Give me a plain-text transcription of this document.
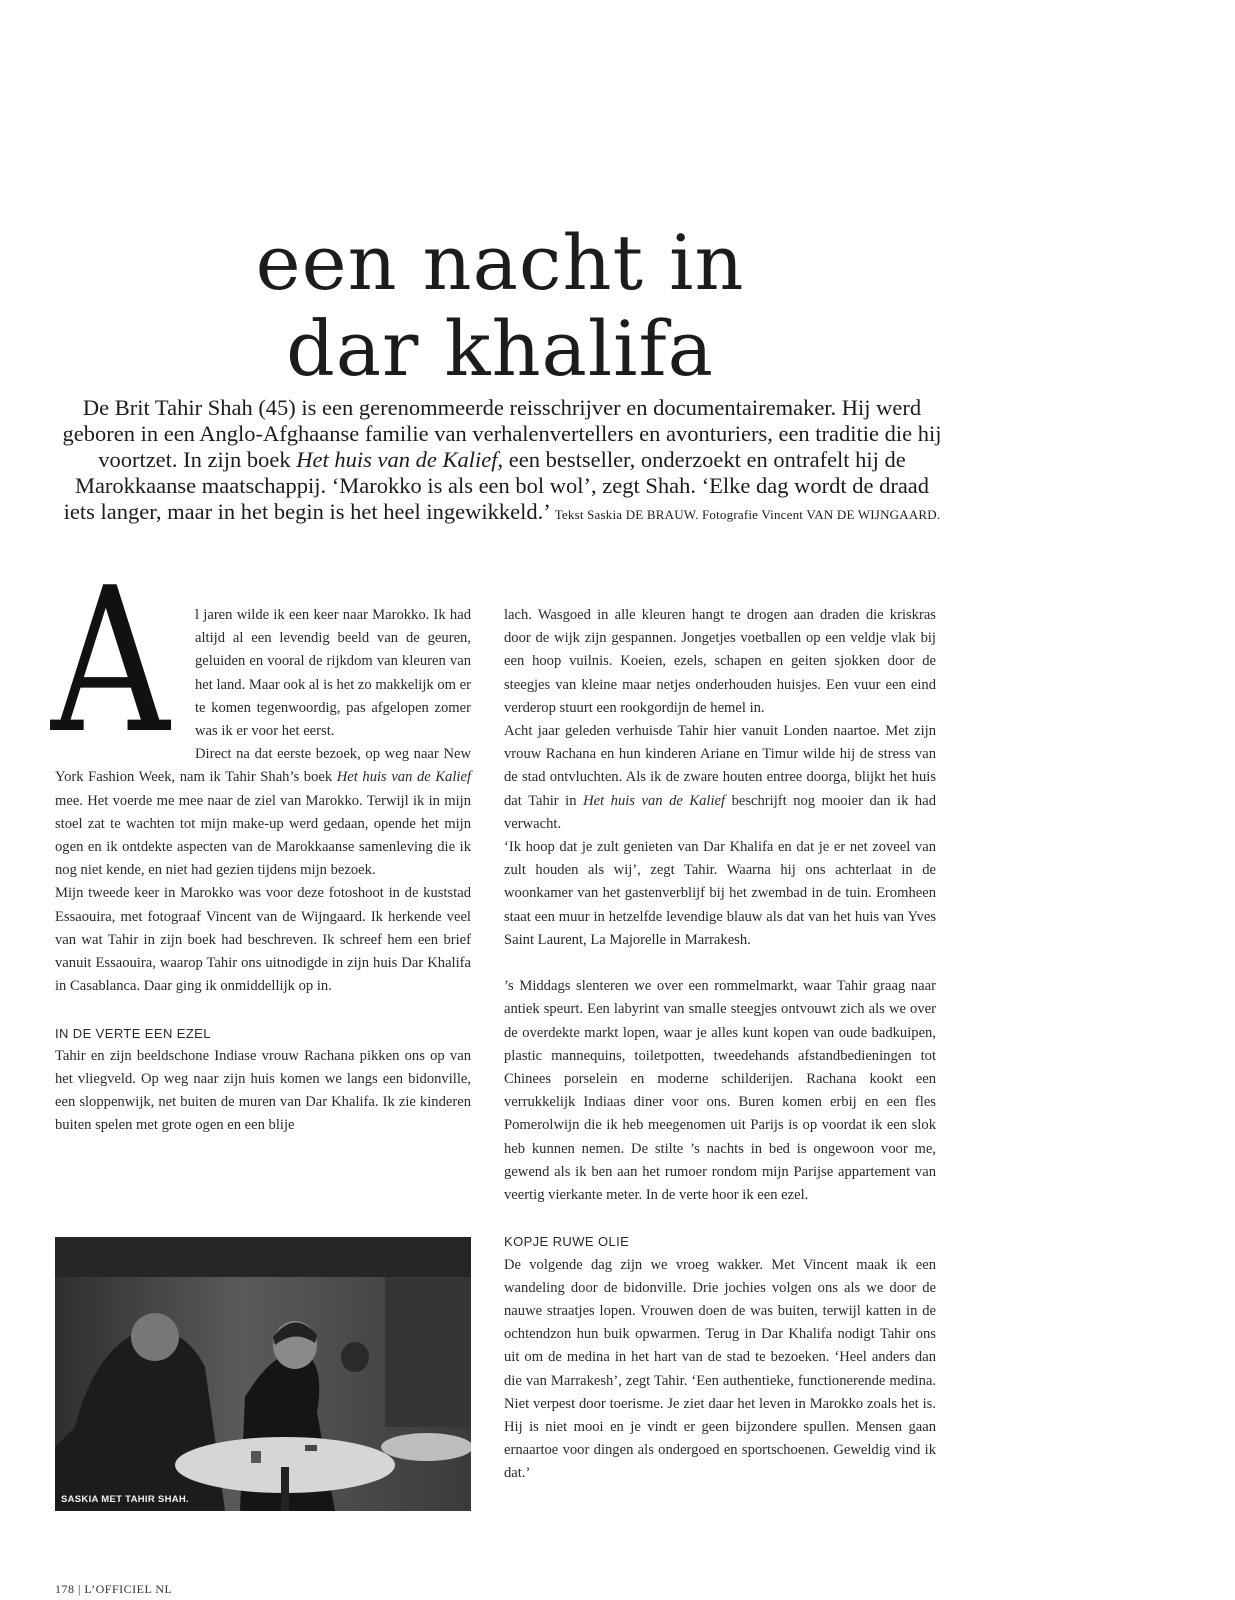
een nacht in
dar khalifa

De Brit Tahir Shah (45) is een gerenommeerde reisschrijver en documentairemaker. Hij werd geboren in een Anglo-Afghaanse familie van verhalenvertellers en avonturiers, een traditie die hij voortzet. In zijn boek Het huis van de Kalief, een bestseller, onderzoekt en ontrafelt hij de Marokkaanse maatschappij. ‘Marokko is als een bol wol’, zegt Shah. ‘Elke dag wordt de draad iets langer, maar in het begin is het heel ingewikkeld.’ Tekst Saskia DE BRAUW. Fotografie Vincent VAN DE WIJNGAARD.

A	l jaren wilde ik een keer naar Marokko. Ik had altijd al een levendig beeld van de geuren, geluiden en vooral de rijkdom van kleuren van het land. Maar ook al is het zo makkelijk om er te komen tegenwoordig, pas afgelopen zomer was ik er voor het eerst.

Direct na dat eerste bezoek, op weg naar New York Fashion Week, nam ik Tahir Shah’s boek Het huis van de Kalief mee. Het voerde me mee naar de ziel van Marokko. Terwijl ik in mijn stoel zat te wachten tot mijn make-up werd gedaan, opende het mijn ogen en ik ontdekte aspecten van de Marokkaanse samenleving die ik nog niet kende, en niet had gezien tijdens mijn bezoek.

Mijn tweede keer in Marokko was voor deze fotoshoot in de kuststad Essaouira, met fotograaf Vincent van de Wijngaard. Ik herkende veel van wat Tahir in zijn boek had beschreven. Ik schreef hem een brief vanuit Essaouira, waarop Tahir ons uitnodigde in zijn huis Dar Khalifa in Casablanca. Daar ging ik onmiddellijk op in.

IN DE VERTE EEN EZEL

Tahir en zijn beeldschone Indiase vrouw Rachana pikken ons op van het vliegveld. Op weg naar zijn huis komen we langs een bidonville, een sloppenwijk, net buiten de muren van Dar Khalifa. Ik zie kinderen buiten spelen met grote ogen en een blije

SASKIA MET TAHIR SHAH.

lach. Wasgoed in alle kleuren hangt te drogen aan draden die kriskras door de wijk zijn gespannen. Jongetjes voetballen op een veldje vlak bij een hoop vuilnis. Koeien, ezels, schapen en geiten sjokken door de steegjes van kleine maar netjes onderhouden huisjes. Een vuur een eind verderop stuurt een rookgordijn de hemel in.

Acht jaar geleden verhuisde Tahir hier vanuit Londen naartoe. Met zijn vrouw Rachana en hun kinderen Ariane en Timur wilde hij de stress van de stad ontvluchten. Als ik de zware houten entree doorga, blijkt het huis dat Tahir in Het huis van de Kalief beschrijft nog mooier dan ik had verwacht.

‘Ik hoop dat je zult genieten van Dar Khalifa en dat je er net zoveel van zult houden als wij’, zegt Tahir. Waarna hij ons achterlaat in de woonkamer van het gastenverblijf bij het zwembad in de tuin. Eromheen staat een muur in hetzelfde levendige blauw als dat van het huis van Yves Saint Laurent, La Majorelle in Marrakesh.

’s Middags slenteren we over een rommelmarkt, waar Tahir graag naar antiek speurt. Een labyrint van smalle steegjes ontvouwt zich als we over de overdekte markt lopen, waar je alles kunt kopen van oude badkuipen, plastic mannequins, toiletpotten, tweedehands afstandbedieningen tot Chinees porselein en moderne schilderijen. Rachana kookt een verrukkelijk Indiaas diner voor ons. Buren komen erbij en een fles Pomerolwijn die ik heb meegenomen uit Parijs is op voordat ik een slok heb kunnen nemen. De stilte ’s nachts in bed is ongewoon voor me, gewend als ik ben aan het rumoer rondom mijn Parijse appartement van veertig vierkante meter. In de verte hoor ik een ezel.

KOPJE RUWE OLIE

De volgende dag zijn we vroeg wakker. Met Vincent maak ik een wandeling door de bidonville. Drie jochies volgen ons als we door de nauwe straatjes lopen. Vrouwen doen de was buiten, terwijl katten in de ochtendzon hun buik opwarmen. Terug in Dar Khalifa nodigt Tahir ons uit om de medina in het hart van de stad te bezoeken. ‘Heel anders dan die van Marrakesh’, zegt Tahir. ‘Een authentieke, functionerende medina. Niet verpest door toerisme. Je ziet daar het leven in Marokko zoals het is. Hij is niet mooi en je vindt er geen bijzondere spullen. Mensen gaan ernaartoe voor dingen als ondergoed en sportschoenen. Geweldig vind ik dat.’

178 | L’OFFICIEL NL
